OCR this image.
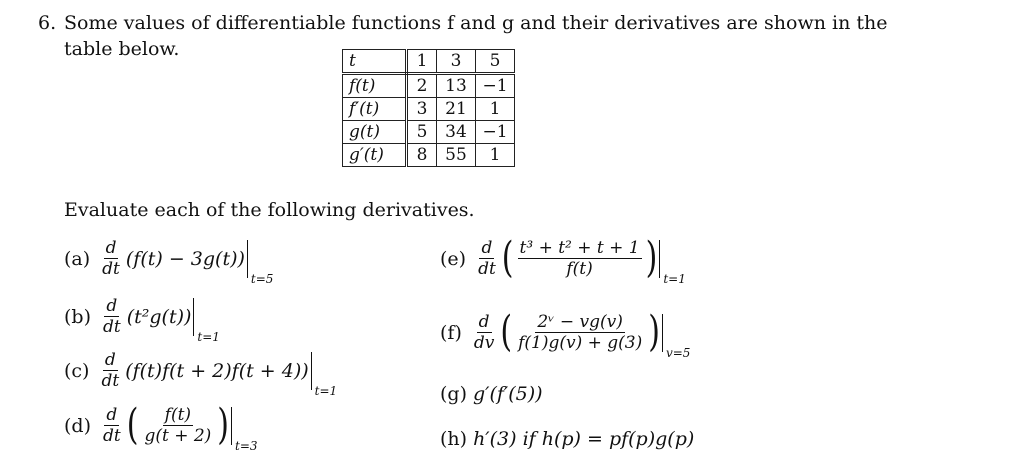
6. Some values of differentiable functions f and g and their derivatives are shown in the
table below.
t	1	3	5
f(t)	2	13	−1
f′(t)	3	21	1
g(t)	5	34	−1
g′(t)	8	55	1
Evaluate each of the following derivatives.
$(a) \frac{d}{dt} (f(t) - 3g(t))$
t=5
$(b) \frac{d}{dt} (t^2g(t))$
t=1
$(c) \frac{d}{dt} (f(t)f(t + 2)f(t + 4))$
t=1
$(d) \frac{d}{dt}$ ( $\frac{f(t)}{g(t + 2)}$ ) t=3
$(e) \frac{d}{dt}$ ( $\frac{\text{t³ + t² + t + 1}}{f(t)}$ ) t=1
$(f) \frac{d}{dv}$ ( $\frac{\text{2ᵛ − vg(v)}}{f(1)g(v) + g(3)}$ ) v=5
(g) g′(f′(5))
(h) h′(3) if h(p) = pf(p)g(p)
